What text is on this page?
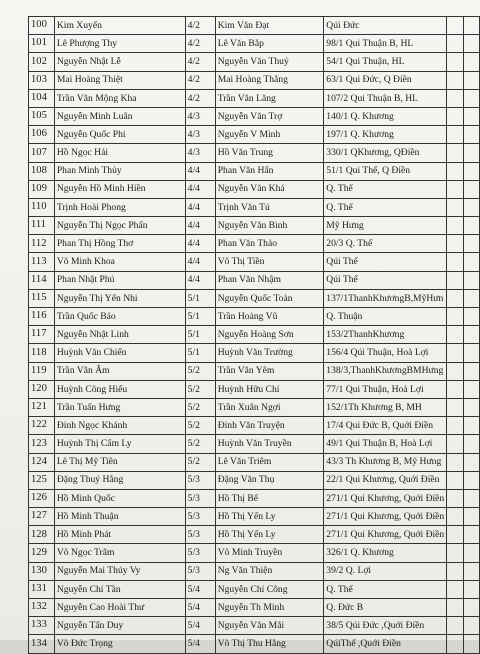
100	Kim Xuyến	4/2	Kim Văn Đạt	Qúi Đức		
101	Lê Phượng Thy	4/2	Lê Văn Bắp	98/1 Qui Thuận B, HL		
102	Nguyễn Nhật Lễ	4/2	Nguyễn Văn Thuỷ	54/1 Qui Thuận, HL		
103	Mai Hoàng Thiệt	4/2	Mai Hoàng Thắng	63/1 Qui Đức, Q Điền		
104	Trần Văn Mộng Kha	4/2	Trần Văn Lăng	107/2 Qui Thuận B, HL		
105	Nguyễn Minh Luân	4/3	Nguyễn Văn Trợ	140/1 Q. Khương		
106	Nguyễn Quốc Phi	4/3	Nguyễn V Minh	197/1 Q. Khương		
107	Hồ Ngọc Hải	4/3	Hồ Văn Trung	330/1 QKhương, QĐiền		
108	Phan Minh Thủy	4/4	Phan Văn Hẩn	51/1 Qui Thế, Q Điền		
109	Nguyễn Hồ Minh Hiền	4/4	Nguyễn Văn Khá	Q. Thế		
110	Trịnh Hoài Phong	4/4	Trịnh Văn Tú	Q. Thế		
111	Nguyễn Thị Ngọc Phấn	4/4	Nguyễn Văn Bình	Mỹ Hưng		
112	Phan Thị Hồng Thơ	4/4	Phan Văn Thảo	20/3 Q. Thế		
113	Võ Minh Khoa	4/4	Võ Thị Tiền	Qúi Thế		
114	Phan Nhật Phú	4/4	Phan Văn Nhậm	Qúi Thế		
115	Nguyễn Thị Yến Nhi	5/1	Nguyễn Quốc Toàn	137/1ThanhKhươngB,MỹHưn		
116	Trần Quốc Bảo	5/1	Trần Hoàng Vũ	Q. Thuận		
117	Nguyễn Nhật Linh	5/1	Nguyễn Hoàng Sơn	153/2ThanhKhương		
118	Huỳnh Văn Chiến	5/1	Huỳnh Văn Trường	156/4 Qúi Thuận, Hoà Lợi		
119	Trần Văn Âm	5/2	Trần Văn Yêm	138/3,ThanhKhươngBMHưng		
120	Huỳnh Công Hiếu	5/2	Huỳnh Hữu Chí	77/1 Qui Thuận, Hoà Lợi		
121	Trần Tuấn Hưng	5/2	Trần Xuân Ngợi	152/1Th Khương B, MH		
122	Đinh Ngọc Khánh	5/2	Đinh Văn Truyện	17/4 Qui Đức B, Quới Điền		
123	Huỳnh Thị Cẩm Ly	5/2	Huỳnh Văn Truyền	49/1 Qui Thuận B, Hoà Lợi		
124	Lê Thị Mỹ Tiên	5/2	Lê Văn Triêm	43/3 Th Khương B, Mỹ Hưng		
125	Đặng Thuý Hằng	5/3	Đặng Văn Thụ	22/1 Qui Khương, Quới Điền		
126	Hồ Minh Quốc	5/3	Hồ Thị Bế	271/1 Qui Khương, Quới Điền		
127	Hồ Minh Thuận	5/3	Hồ Thị Yến Ly	271/1 Qui Khương, Quới Điền		
128	Hồ Minh Phát	5/3	Hồ Thị Yến Ly	271/1 Qui Khương, Quới Điền		
129	Võ Ngọc Trâm	5/3	Võ Minh Truyền	326/1 Q. Khương		
130	Nguyễn Mai Thúy Vy	5/3	Ng Văn Thiện	39/2 Q. Lợi		
131	Nguyễn Chí Tần	5/4	Nguyễn Chí Công	Q. Thế		
132	Nguyễn Cao Hoài Thư	5/4	Nguyễn Th Minh	Q. Đức B		
133	Nguyễn Tấn Duy	5/4	Nguyễn Văn Mãi	38/5 Qúi Đức ,Quới Điền		
134	Võ Đức Trọng	5/4	Võ Thị Thu Hằng	QúiThế ,Quới Điền		
